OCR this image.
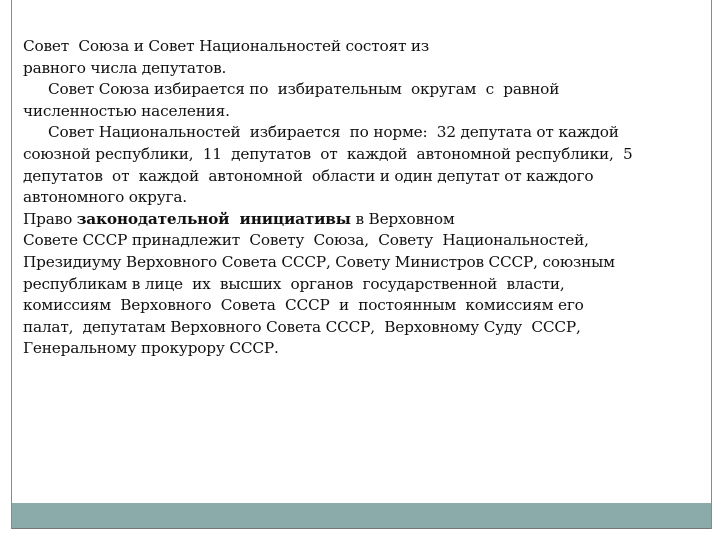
Совет  Союза и Совет Национальностей состоят из
равного числа депутатов.
Совет Союза избирается по  избирательным  округам  с  равной
численностью населения.
Совет Национальностей  избирается  по норме:  32 депутата от каждой
союзной республики,  11  депутатов  от  каждой  автономной республики,  5
депутатов  от  каждой  автономной  области и один депутат от каждого
автономного округа.
Право законодательной  инициативы в Верховном
Советe СССР принадлежит  Совету  Союза,  Совету  Национальностей,
Президиуму Верховного Совета СССР, Совету Министров СССР, союзным
республикам в лице  их  высших  органов  государственной  власти,
комиссиям  Верховного  Совета  СССР  и  постоянным  комиссиям его
палат,  депутатам Верховного Совета СССР,  Верховному Суду  СССР,
Генеральному прокурору СССР.
